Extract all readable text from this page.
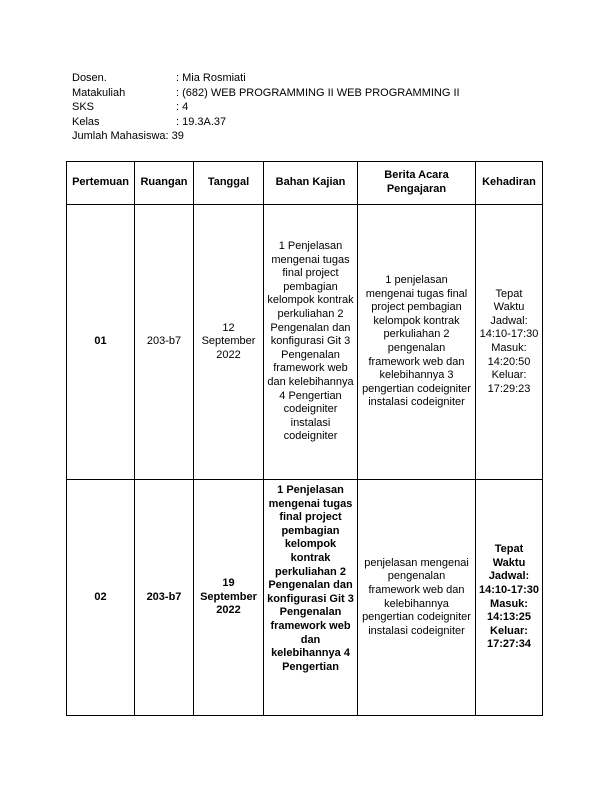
Dosen.	: Mia Rosmiati
Matakuliah	: (682) WEB PROGRAMMING II WEB PROGRAMMING II
SKS	: 4
Kelas	: 19.3A.37
Jumlah Mahasiswa : 39
Pertemuan	Ruangan	Tanggal	Bahan Kajian	Berita Acara Pengajaran	Kehadiran
01	203-b7	12 September 2022	1 Penjelasan mengenai tugas final project pembagian kelompok kontrak perkuliahan 2 Pengenalan dan konfigurasi Git 3 Pengenalan framework web dan kelebihannya 4 Pengertian codeigniter instalasi codeigniter	1 penjelasan mengenai tugas final project pembagian kelompok kontrak perkuliahan 2 pengenalan framework web dan kelebihannya 3 pengertian codeigniter instalasi codeigniter	Tepat Waktu Jadwal: 14:10-17:30 Masuk: 14:20:50 Keluar: 17:29:23
02	203-b7	19 September 2022	1 Penjelasan mengenai tugas final project pembagian kelompok kontrak perkuliahan 2 Pengenalan dan konfigurasi Git 3 Pengenalan framework web dan kelebihannya 4 Pengertian	penjelasan mengenai pengenalan framework web dan kelebihannya pengertian codeigniter instalasi codeigniter	Tepat Waktu Jadwal: 14:10-17:30 Masuk: 14:13:25 Keluar: 17:27:34
